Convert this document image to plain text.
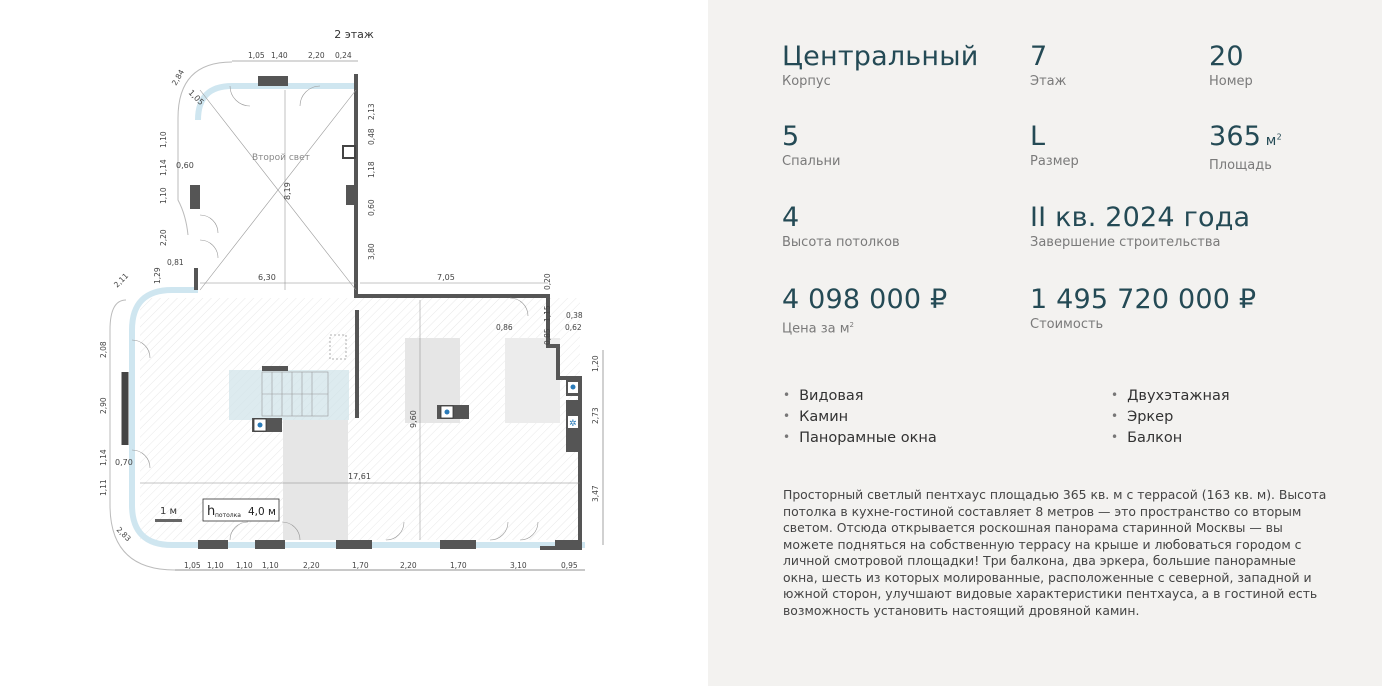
2 этаж
1,05 1,40	2,20 0,24
Второй свет
8,19
6,30	7,05
9,60
17,61
1,05
0,60
0,70
✲
1,05 1,10 1,10 1,10	2,20	1,70	2,20	1,70	3,10	0,95
2,84
1,10
1,14
1,10
2,20
0,81
1,29
2,11
2,08
2,90
1,14
1,11
2,83
2,13
0,48
1,18
0,60
3,80
0,20
1,15 0,38
0,62
0,86
0,85
1,20
2,73
3,47
1 м h потолка 4,0 м
Центральный
Корпус
7
Этаж
20
Номер
5
Спальни
L
Размер
365 $м^2$
Площадь
4
Высота потолков
II кв. 2024 года
Завершение строительства
4 098 000 ₽
Цена за $м^2$
1 495 720 000 ₽
Стоимость
• Видовая
• Камин
• Панорамные окна
• Двухэтажная
• Эркер
• Балкон
Просторный светлый пентхаус площадью 365 кв. м с террасой (163 кв. м). Высота потолка в кухне-гостиной составляет 8 метров — это пространство со вторым светом. Отсюда открывается роскошная панорама старинной Москвы — вы можете подняться на собственную террасу на крыше и любоваться городом с личной смотровой площадки! Три балкона, два эркера, большие панорамные окна, шесть из которых молированные, расположенные с северной, западной и южной сторон, улучшают видовые характеристики пентхауса, а в гостиной есть возможность установить настоящий дровяной камин.
